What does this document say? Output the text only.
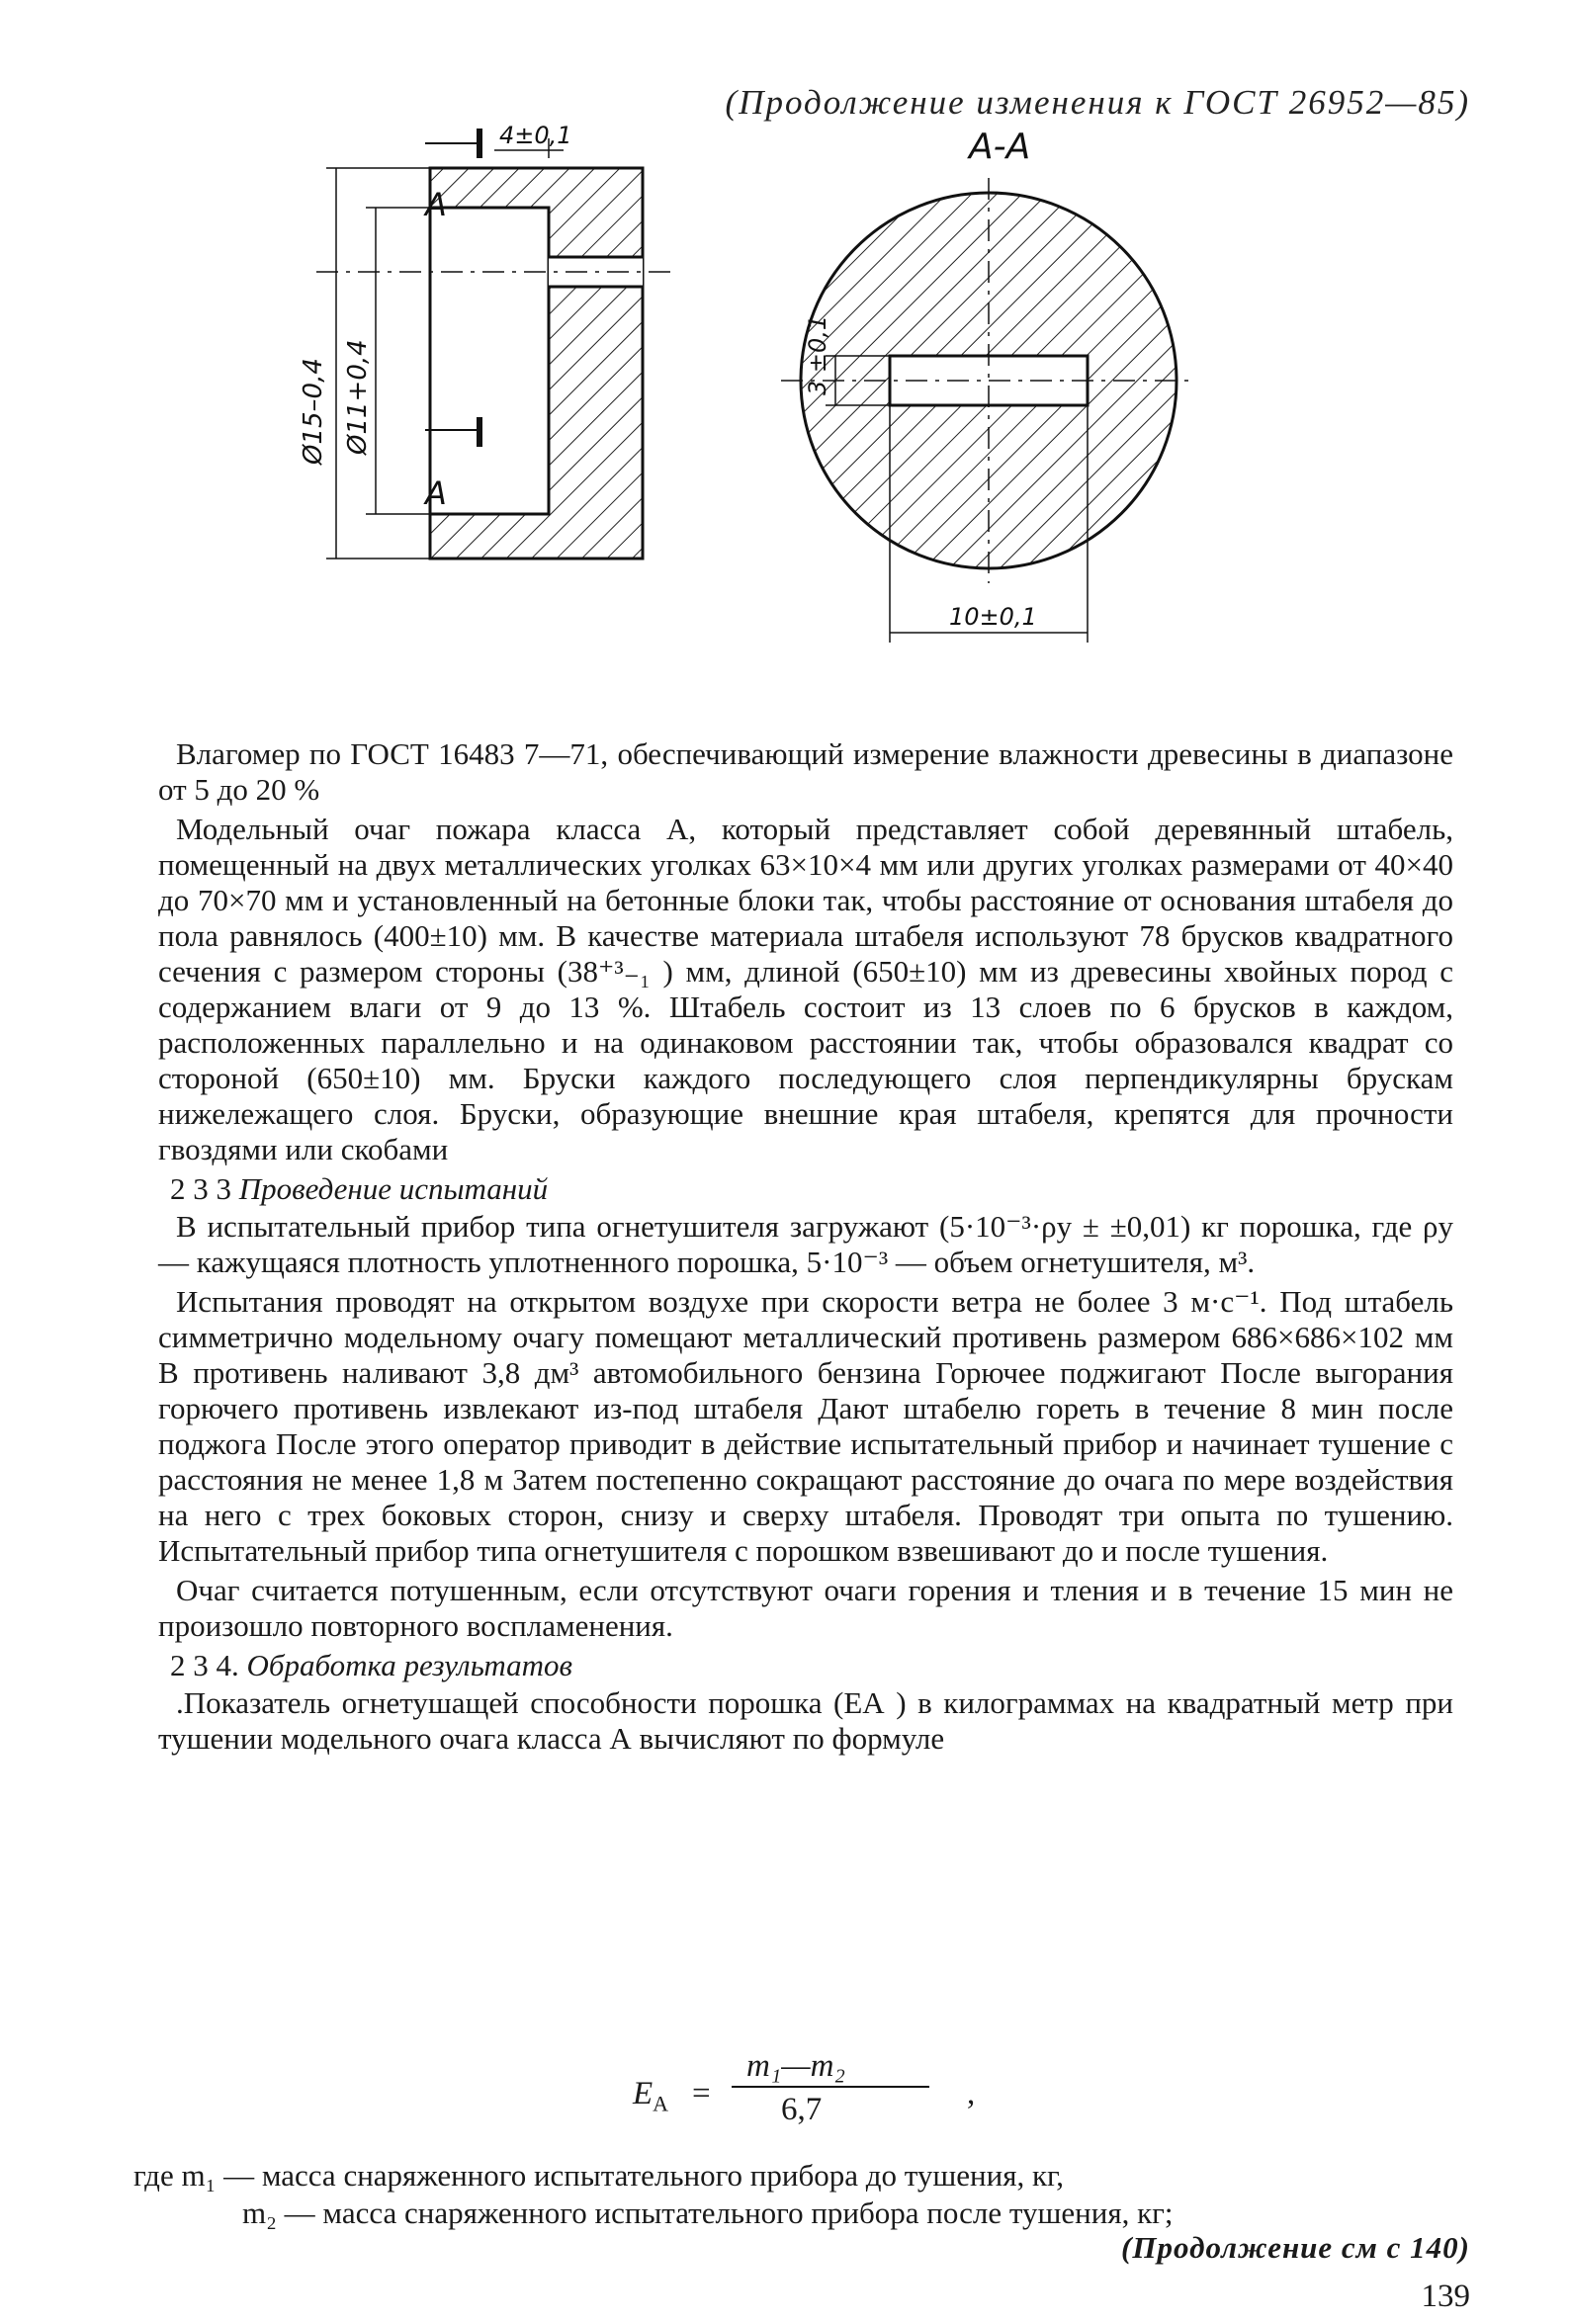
(Продолжение изменения к ГОСТ 26952—85)
А
А
А-А
4±0,1
Ø15–0,4 Ø11+0,4	3 ±0,1
10±0,1

Влагомер по ГОСТ 16483 7—71, обеспечивающий измерение влажности древесины в диапазоне от 5 до 20 %

Модельный очаг пожара класса А, который представляет собой деревянный штабель, помещенный на двух металлических уголках 63×10×4 мм или других уголках размерами от 40×40 до 70×70 мм и установленный на бетонные блоки так, чтобы расстояние от основания штабеля до пола равнялось (400±10) мм. В качестве материала штабеля используют 78 брусков квадратного сечения с размером стороны (38⁺³₋₁ ) мм, длиной (650±10) мм из древесины хвойных пород с содержанием влаги от 9 до 13 %. Штабель состоит из 13 слоев по 6 брусков в каждом, расположенных параллельно и на одинаковом расстоянии так, чтобы образовался квадрат со стороной (650±10) мм. Бруски каждого последующего слоя перпендикулярны брускам нижележащего слоя. Бруски, образующие внешние края штабеля, крепятся для прочности гвоздями или скобами

2 3 3 Проведение испытаний

В испытательный прибор типа огнетушителя загружают (5·10⁻³·ρу ± ±0,01) кг порошка, где ρу — кажущаяся плотность уплотненного порошка, 5·10⁻³ — объем огнетушителя, м³.

Испытания проводят на открытом воздухе при скорости ветра не более 3 м·с⁻¹. Под штабель симметрично модельному очагу помещают металлический противень размером 686×686×102 мм В противень наливают 3,8 дм³ автомобильного бензина Горючее поджигают После выгорания горючего противень извлекают из-под штабеля Дают штабелю гореть в течение 8 мин после поджога После этого оператор приводит в действие испытательный прибор и начинает тушение с расстояния не менее 1,8 м Затем постепенно сокращают расстояние до очага по мере воздействия на него с трех боковых сторон, снизу и сверху штабеля. Проводят три опыта по тушению. Испытательный прибор типа огнетушителя с порошком взвешивают до и после тушения.

Очаг считается потушенным, если отсутствуют очаги горения и тления и в течение 15 мин не произошло повторного воспламенения.

2 3 4. Обработка результатов

.Показатель огнетушащей способности порошка (EА ) в килограммах на квадратный метр при тушении модельного очага класса А вычисляют по формуле

$E_А$ =
m₁—m₂
6,7	,
где m₁ — масса снаряженного испытательного прибора до тушения, кг,
m₂ — масса снаряженного испытательного прибора после тушения, кг;
(Продолжение см с 140)
139
